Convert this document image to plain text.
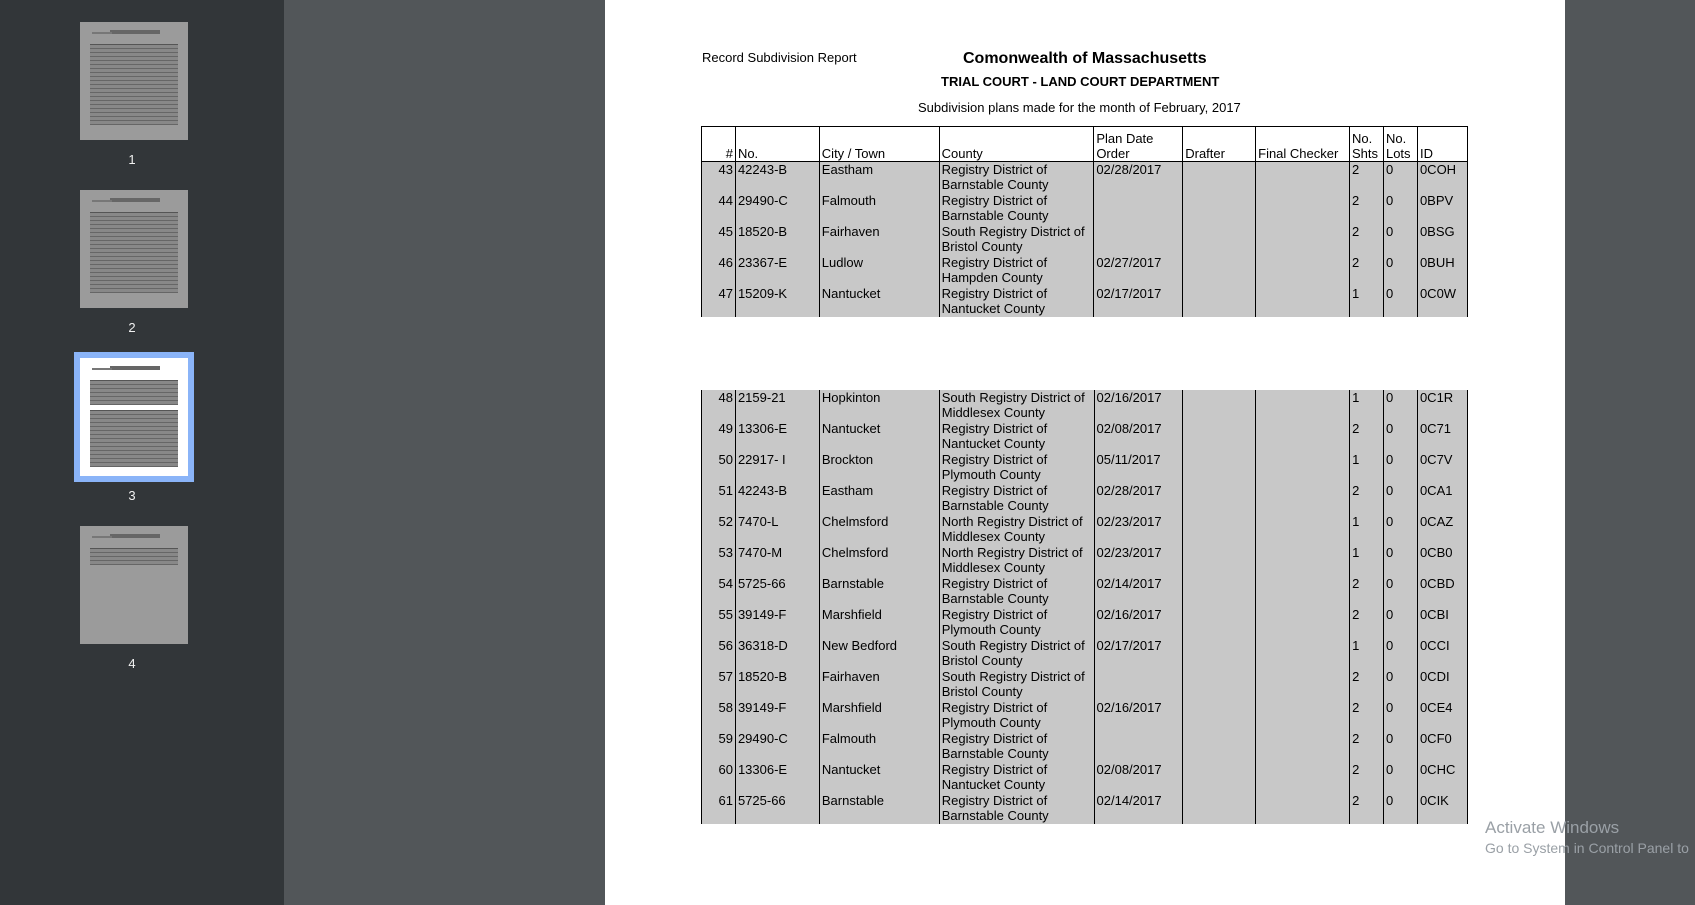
1
2
3
4
Record Subdivision Report	Comonwealth of Massachusetts
TRIAL COURT - LAND COURT DEPARTMENT
Subdivision plans made for the month of February, 2017
#	No.	City / Town	County	Plan Date Order	Drafter	Final Checker	No. Shts	No. Lots	ID
43	42243-B	Eastham	Registry District of Barnstable County	02/28/2017			2	0	0COH
44	29490-C	Falmouth	Registry District of Barnstable County				2	0	0BPV
45	18520-B	Fairhaven	South Registry District of Bristol County				2	0	0BSG
46	23367-E	Ludlow	Registry District of Hampden County	02/27/2017			2	0	0BUH
47	15209-K	Nantucket	Registry District of Nantucket County	02/17/2017			1	0	0C0W
48	2159-21	Hopkinton	South Registry District of Middlesex County	02/16/2017			1	0	0C1R
49	13306-E	Nantucket	Registry District of Nantucket County	02/08/2017			2	0	0C71
50	22917- I	Brockton	Registry District of Plymouth County	05/11/2017			1	0	0C7V
51	42243-B	Eastham	Registry District of Barnstable County	02/28/2017			2	0	0CA1
52	7470-L	Chelmsford	North Registry District of Middlesex County	02/23/2017			1	0	0CAZ
53	7470-M	Chelmsford	North Registry District of Middlesex County	02/23/2017			1	0	0CB0
54	5725-66	Barnstable	Registry District of Barnstable County	02/14/2017			2	0	0CBD
55	39149-F	Marshfield	Registry District of Plymouth County	02/16/2017			2	0	0CBI
56	36318-D	New Bedford	South Registry District of Bristol County	02/17/2017			1	0	0CCI
57	18520-B	Fairhaven	South Registry District of Bristol County				2	0	0CDI
58	39149-F	Marshfield	Registry District of Plymouth County	02/16/2017			2	0	0CE4
59	29490-C	Falmouth	Registry District of Barnstable County				2	0	0CF0
60	13306-E	Nantucket	Registry District of Nantucket County	02/08/2017			2	0	0CHC
61	5725-66	Barnstable	Registry District of Barnstable County	02/14/2017			2	0	0CIK
Activate Windows
Go to System in Control Panel to
